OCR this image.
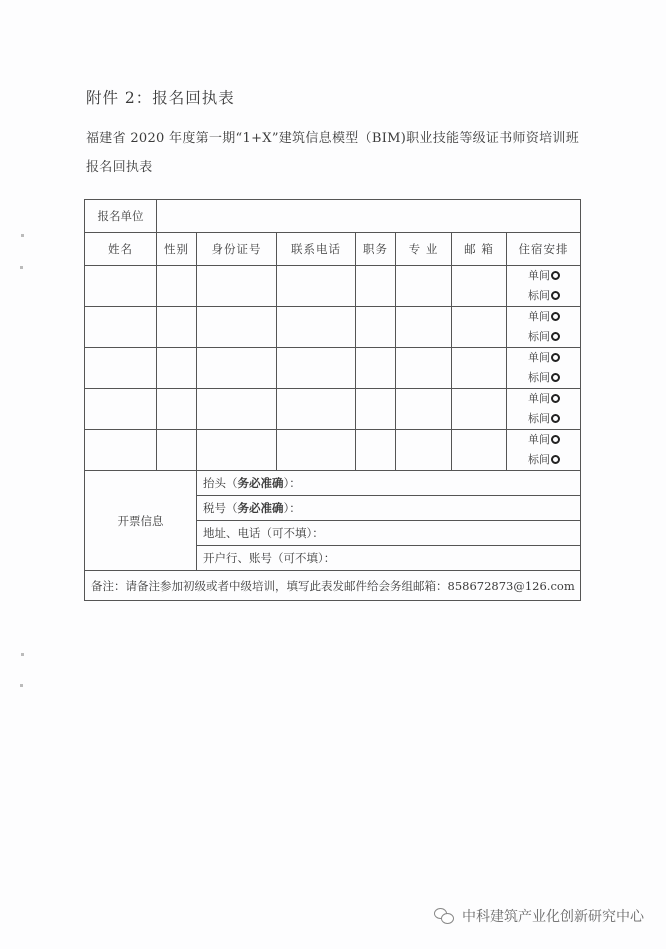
附件 2：报名回执表
福建省 2020 年度第一期“1+X”建筑信息模型（BIM)职业技能等级证书师资培训班报名回执表
报名单位							
姓名	性别	身份证号	联系电话	职务	专 业	邮 箱	住宿安排

							单间
标间

							单间
标间

							单间
标间

							单间
标间

							单间
标间

开票信息		抬头（务必准确）：					
		税号（务必准确）：					
		地址、电话（可不填）：					
		开户行、账号（可不填）：					
备注：请备注参加初级或者中级培训，填写此表发邮件给会务组邮箱：858672873@126.com							
中科建筑产业化创新研究中心
